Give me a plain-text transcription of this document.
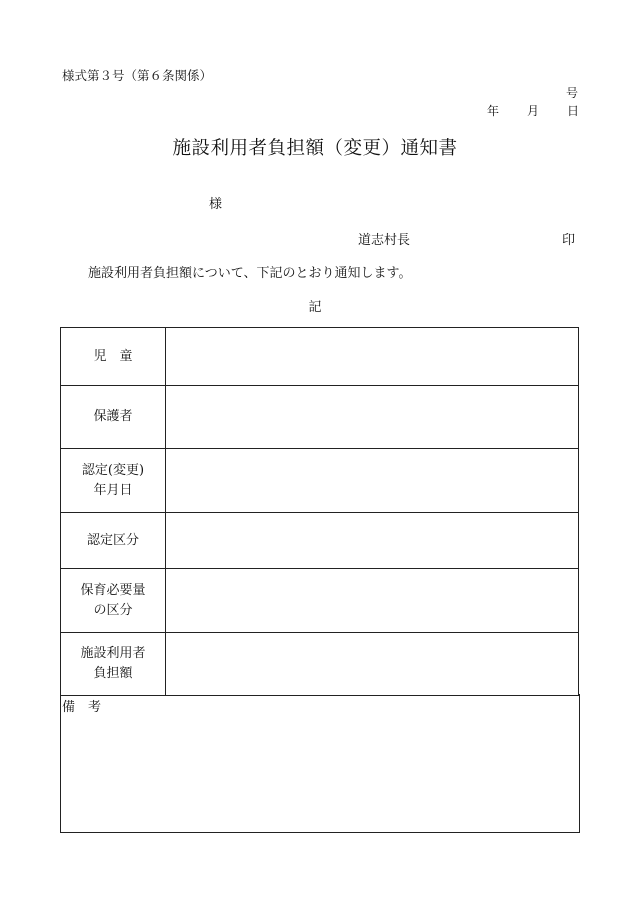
様式第３号（第６条関係）
号
年 月 日
施設利用者負担額（変更）通知書
様
道志村長	印
施設利用者負担額について、下記のとおり通知します。
記
児　童	
保護者	
認定(変更)
年月日	
認定区分	
保育必要量
の区分	
施設利用者
負担額	
備　考
